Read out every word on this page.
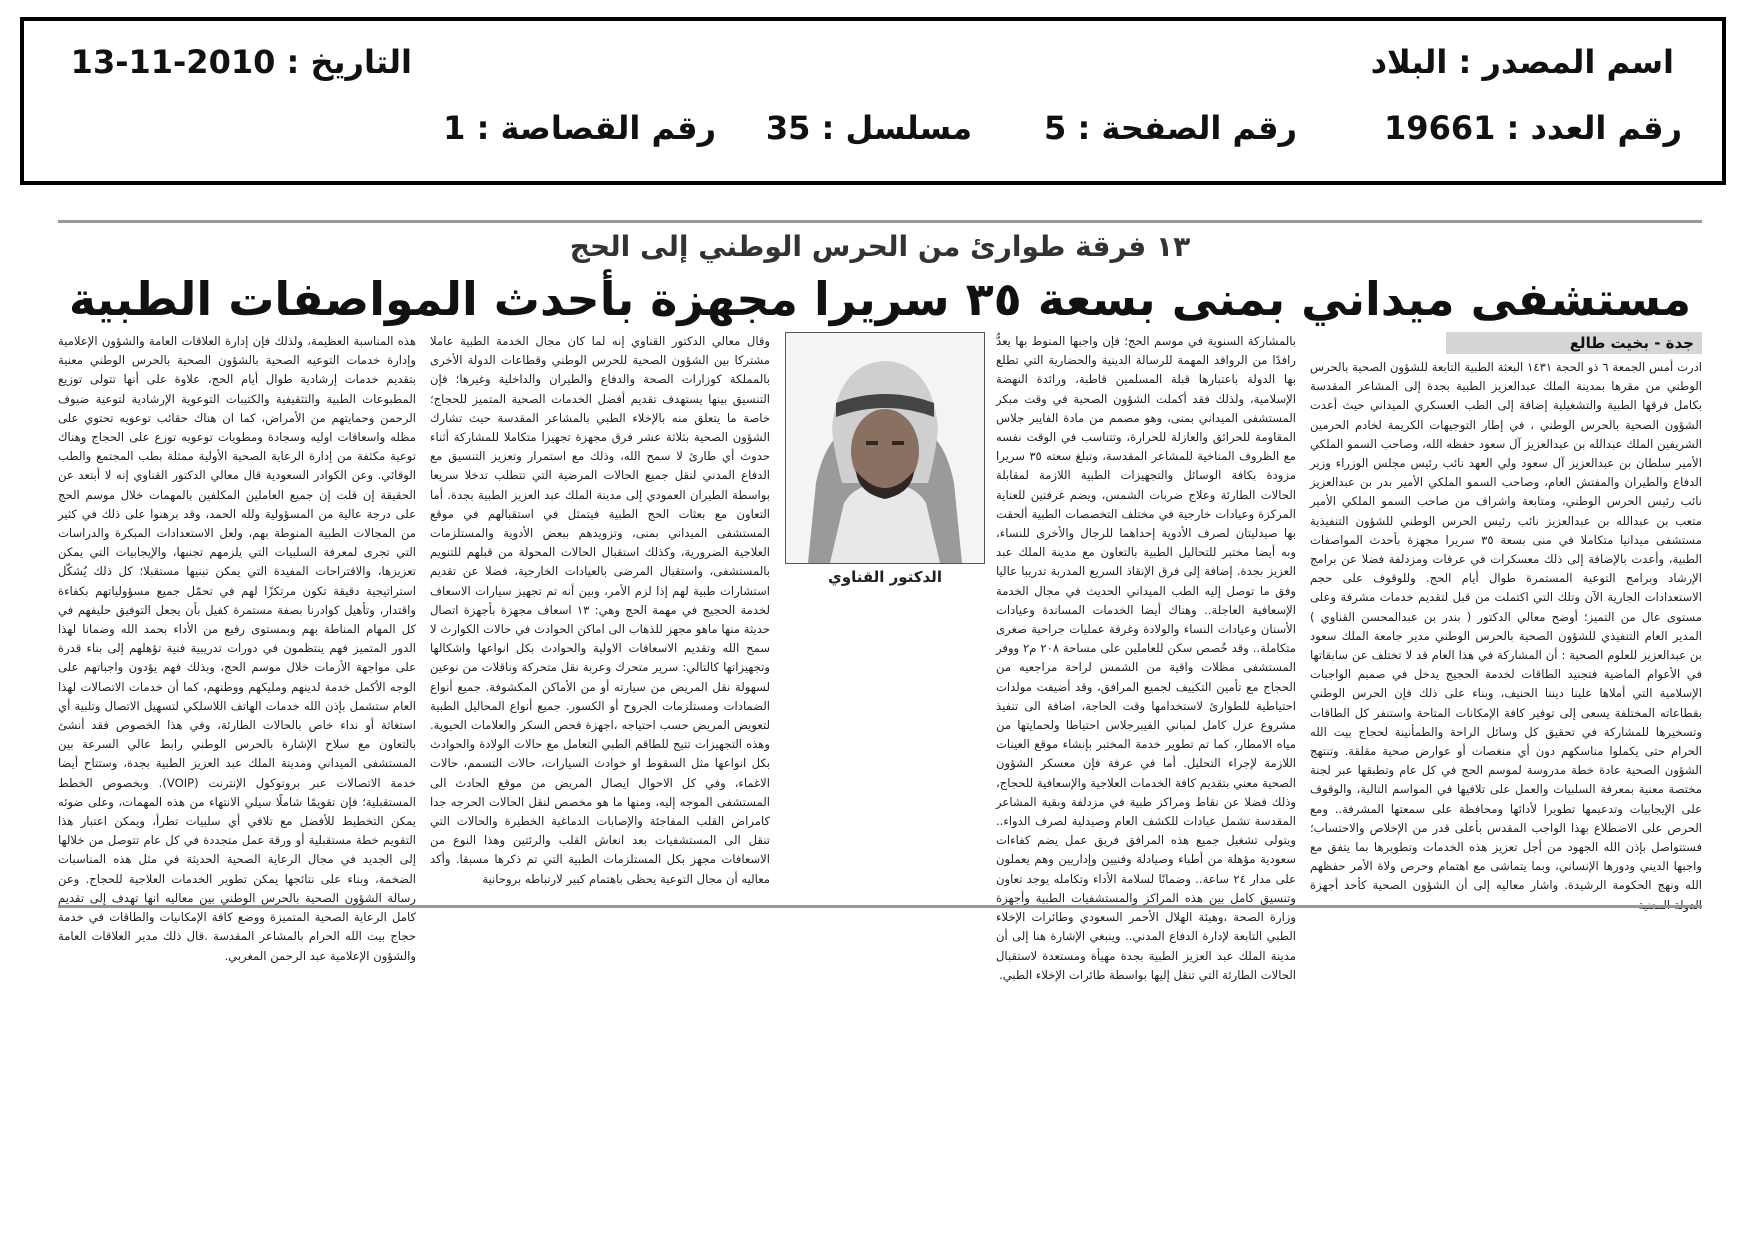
اسم المصدر : البلاد
التاريخ : 13-11-2010
رقم العدد : 19661
رقم الصفحة : 5
مسلسل : 35
رقم القصاصة : 1
١٣ فرقة طوارئ من الحرس الوطني إلى الحج
مستشفى ميداني بمنى بسعة ٣٥ سريرا مجهزة بأحدث المواصفات الطبية
جدة - بخيت طالع

ادرت أمس الجمعة ٦ ذو الحجة ١٤٣١ البعثة الطبية التابعة للشؤون الصحية بالحرس الوطني من مقرها بمدينة الملك عبدالعزيز الطبية بجدة إلى المشاعر المقدسة بكامل فرقها الطبية والتشغيلية إضافة إلى الطب العسكري الميداني حيث أعدت الشؤون الصحية بالحرس الوطني ، في إطار التوجيهات الكريمة لخادم الحرمين الشريفين الملك عبدالله بن عبدالعزيز آل سعود حفظه الله، وصاحب السمو الملكي الأمير سلطان بن عبدالعزيز آل سعود ولي العهد نائب رئيس مجلس الوزراء وزير الدفاع والطيران والمفتش العام، وصاحب السمو الملكي الأمير بدر بن عبدالعزيز نائب رئيس الحرس الوطني، ومتابعة واشراف من صاحب السمو الملكي الأمير متعب بن عبدالله بن عبدالعزيز نائب رئيس الحرس الوطني للشؤون التنفيذية مستشفى ميدانيا متكاملا في منى بسعة ٣٥ سريرا مجهزة بأحدث المواصفات الطبية، وأعدت بالإضافة إلى ذلك معسكرات في عرفات ومزدلفة فضلا عن برامج الإرشاد وبرامج التوعية المستمرة طوال أيام الحج. وللوقوف على حجم الاستعدادات الجارية الآن وتلك التي اكتملت من قبل لتقديم خدمات مشرفة وعلى مستوى عال من التميز؛ أوضح معالي الدكتور ( بندر بن عبدالمحسن القناوي ) المدير العام التنفيذي للشؤون الصحية بالحرس الوطني مدير جامعة الملك سعود بن عبدالعزيز للعلوم الصحية : أن المشاركة في هذا العام قد لا تختلف عن سابقاتها في الأعوام الماضية فتجنيد الطاقات لخدمة الحجيج يدخل في صميم الواجبات الإسلامية التي أملاها علينا ديننا الحنيف، وبناء على ذلك فإن الحرس الوطني بقطاعاته المختلفة يسعى إلى توفير كافة الإمكانات المتاحة واستنفر كل الطاقات وتسخيرها للمشاركة في تحقيق كل وسائل الراحة والطمأنينة لحجاج بيت الله الحرام حتى يكملوا مناسكهم دون أي منغصات أو عوارض صحية مقلقة. وتنتهج الشؤون الصحية عادة خطة مدروسة لموسم الحج في كل عام وتطبقها عبر لجنة مختصة معنية بمعرفة السلبيات والعمل على تلافيها في المواسم التالية، والوقوف على الإيجابيات وتدعيمها تطويرا لأدائها ومحافظة على سمعتها المشرفة.. ومع الحرص على الاضطلاع بهذا الواجب المقدس بأعلى قدر من الإخلاص والاحتساب؛ فستتواصل بإذن الله الجهود من أجل تعزيز هذه الخدمات وتطويرها بما يتفق مع واجبها الديني ودورها الإنساني، وبما يتماشى مع اهتمام وحرص ولاة الأمر حفظهم الله ونهج الحكومة الرشيدة. واشار معاليه إلى أن الشؤون الصحية كأحد أجهزة

بالمشاركة السنوية في موسم الحج؛ فإن واجبها المنوط بها يعدُّ رافدًا من الروافد المهمة للرسالة الدينية والحضارية التي تطلع بها الدولة باعتبارها قبلة المسلمين قاطبة، ورائدة النهضة الإسلامية، ولذلك فقد أكملت الشؤون الصحية في وقت مبكر المستشفى الميداني بمنى، وهو مصمم من مادة الفايبر جلاس المقاومة للحرائق والعازلة للحرارة، وتتناسب في الوقت نفسه مع الظروف المناخية للمشاعر المقدسة، وتبلغ سعته ٣٥ سريرا مزودة بكافة الوسائل والتجهيزات الطبية اللازمة لمقابلة الحالات الطارئة وعلاج ضربات الشمس، ويضم غرفتين للعناية المركزة وعيادات خارجية في مختلف التخصصات الطبية ألحقت بها صيدليتان لصرف الأدوية إحداهما للرجال والأخرى للنساء، وبه أيضا مختبر للتحاليل الطبية بالتعاون مع مدينة الملك عبد العزيز بجدة. إضافة إلى فرق الإنقاذ السريع المدربة تدريبا عاليا وفق ما توصل إليه الطب الميداني الحديث في مجال الخدمة الإسعافية العاجلة.. وهناك أيضا الخدمات المساندة وعيادات الأسنان وعيادات النساء والولادة وغرفة عمليات جراحية صغرى متكاملة.. وقد خُصص سكن للعاملين على مساحة ٢٠٨ م٢ ووفر المستشفى مظلات واقية من الشمس لراحة مراجعيه من الحجاج مع تأمين التكييف لجميع المرافق، وقد أضيفت مولدات احتياطية للطوارئ لاستخدامها وقت الحاجة، اضافة الى تنفيذ مشروع عزل كامل لمباني الفيبرجلاس احتياطا ولحمايتها من مياه الامطار، كما تم تطوير خدمة المختبر بإنشاء موقع العينات اللازمة لإجراء التحليل. أما في عرفة فإن معسكر الشؤون الصحية معني بتقديم كافة الخدمات العلاجية والإسعافية للحجاج، وذلك فضلا عن نقاط ومراكز طبية في مزدلفة وبقية المشاعر المقدسة تشمل عيادات للكشف العام وصيدلية لصرف الدواء.. ويتولى تشغيل جميع هذه المرافق فريق عمل يضم كفاءات سعودية مؤهلة من أطباء وصيادلة وفنيين وإداريين وهم يعملون على مدار ٢٤ ساعة.. وضمانًا لسلامة الأداء وتكامله يوجد تعاون وتنسيق كامل بين هذه المراكز والمستشفيات الطبية وأجهزة وزارة الصحة ،وهيئة الهلال الأحمر السعودي وطائرات الإخلاء الطبي التابعة لإدارة الدفاع المدني.. وينبغي الإشارة هنا إلى أن مدينة الملك عبد العزيز الطبية بجدة مهيأة ومستعدة لاستقبال الحالات الطارئة التي تنقل إليها بواسطة طائرات الإخلاء الطبي.

الدكتور القناوي

وقال معالي الدكتور القناوي إنه لما كان مجال الخدمة الطبية عاملا مشتركا بين الشؤون الصحية للحرس الوطني وقطاعات الدولة الأخرى بالمملكة كوزارات الصحة والدفاع والطيران والداخلية وغيرها؛ فإن التنسيق بينها يستهدف تقديم أفضل الخدمات الصحية المتميز للحجاج؛ خاصة ما يتعلق منه بالإخلاء الطبي بالمشاعر المقدسة حيث تشارك الشؤون الصحية بثلاثة عشر فرق مجهزة تجهيزا متكاملا للمشاركة أثناء حدوث أي طارئ لا سمح الله، وذلك مع استمرار وتعزيز التنسيق مع الدفاع المدني لنقل جميع الحالات المرضية التي تتطلب تدخلا سريعا بواسطة الطيران العمودي إلى مدينة الملك عبد العزيز الطبية بجدة. أما التعاون مع بعثات الحج الطبية فيتمثل في استقبالهم في موقع المستشفى الميداني بمنى، وتزويدهم ببعض الأدوية والمستلزمات العلاجية الضرورية، وكذلك استقبال الحالات المحولة من قبلهم للتنويم بالمستشفى، واستقبال المرضى بالعيادات الخارجية، فضلا عن تقديم استشارات طبية لهم إذا لزم الأمر، وبين أنه تم تجهيز سيارات الاسعاف لخدمة الحجيج في مهمة الحج وهي: ١٣ اسعاف مجهزة بأجهزة اتصال حديثة منها ماهو مجهز للذهاب الى اماكن الحوادث في حالات الكوارث لا سمح الله وتقديم الاسعافات الاولية والحوادث بكل انواعها واشكالها وتجهيزاتها كالتالي: سرير متحرك وعربة نقل متحركة وناقلات من نوعين لسهولة نقل المريض من سيارته أو من الأماكن المكشوفة. جميع أنواع الضمادات ومستلزمات الجروح أو الكسور. جميع أنواع المحاليل الطبية لتعويض المريض حسب احتياجه ،اجهزة فحص السكر والعلامات الحيوية. وهذه التجهيزات تتيح للطاقم الطبي التعامل مع حالات الولادة والحوادث بكل انواعها مثل السقوط او حوادث السيارات، حالات التسمم، حالات الاغماء، وفي كل الاحوال ايصال المريض من موقع الحادث الى المستشفى الموجه إليه، ومنها ما هو مخصص لنقل الحالات الحرجه جدا كامراض القلب المفاجئة والإصابات الدماغية الخطيرة والحالات التي تنقل الى المستشفيات بعد انعاش القلب والرئتين وهذا النوع من الاسعافات مجهز بكل المستلزمات الطبية التي تم ذكرها مسبقا. وأكد معاليه أن مجال التوعية يحظى باهتمام كبير لارتباطه بروحانية

هذه المناسبة العظيمة، ولذلك فإن إدارة العلاقات العامة والشؤون الإعلامية وإدارة خدمات التوعيه الصحية بالشؤون الصحية بالحرس الوطني معنية بتقديم خدمات إرشادية طوال أيام الحج، علاوة على أنها تتولى توزيع المطبوعات الطبية والتثقيفية والكتيبات التوعوية الإرشادية لتوعية ضيوف الرحمن وحمايتهم من الأمراض، كما ان هناك حقائب توعويه تحتوي على مظله واسعافات اوليه وسجادة ومطويات توعويه توزع على الحجاج وهناك توعية مكثفة من إدارة الرعاية الصحية الأولية ممثلة بطب المجتمع والطب الوقائي. وعن الكوادر السعودية قال معالي الدكتور القناوي إنه لا أبتعد عن الحقيقة إن قلت إن جميع العاملين المكلفين بالمهمات خلال موسم الحج على درجة عالية من المسؤولية ولله الحمد، وقد برهنوا على ذلك في كثير من المجالات الطبية المنوطة بهم، ولعل الاستعدادات المبكرة والدراسات التي تجرى لمعرفة السلبيات التي يلزمهم تجنبها، والإيجابيات التي يمكن تعزيزها، والاقتراحات المفيدة التي يمكن تبنيها مستقبلا؛ كل ذلك يُشكّل استراتيجية دقيقة تكون مرتكزًا لهم في تحمّل جميع مسؤولياتهم بكفاءة واقتدار، وتأهيل كوادرنا بصفة مستمرة كفيل بأن يجعل التوفيق حليفهم في كل المهام المناطة بهم وبمستوى رفيع من الأداء بحمد الله وضمانا لهذا الدور المتميز فهم ينتظمون في دورات تدريبية فنية تؤهلهم إلى بناء قدرة على مواجهة الأزمات خلال موسم الحج، وبذلك فهم يؤدون واجباتهم على الوجه الأكمل خدمة لدينهم ومليكهم ووطنهم، كما أن خدمات الاتصالات لهذا العام ستشمل بإذن الله خدمات الهاتف اللاسلكي لتسهيل الاتصال وتلبية أي استغاثة أو نداء خاص بالحالات الطارئة، وفي هذا الخصوص فقد أنشئ بالتعاون مع سلاح الإشارة بالحرس الوطني رابط عالي السرعة بين المستشفى الميداني ومدينة الملك عبد العزيز الطبية بجدة، وستتاح أيضا خدمة الاتصالات عبر بروتوكول الإنترنت (VOIP). وبخصوص الخطط المستقبلية؛ فإن تقويمًا شاملًا سيلي الانتهاء من هذه المهمات، وعلى ضوئه يمكن التخطيط للأفضل مع تلافي أي سلبيات تطرأ، ويمكن اعتبار هذا التقويم خطة مستقبلية أو ورقة عمل متجددة في كل عام تتوصل من خلالها إلى الجديد في مجال الرعاية الصحية الحديثة في مثل هذه المناسبات الضخمة، وبناء على نتائجها يمكن تطوير الخدمات العلاجية للحجاج. وعن رسالة الشؤون الصحية بالحرس الوطني بين معاليه انها تهدف إلى تقديم كامل الرعاية الصحية المتميزة ووضع كافة الإمكانيات والطاقات في خدمة حجاج بيت الله الحرام بالمشاعر المقدسة .قال ذلك مدير العلاقات العامة والشؤون الإعلامية عبد الرحمن المغربي.
